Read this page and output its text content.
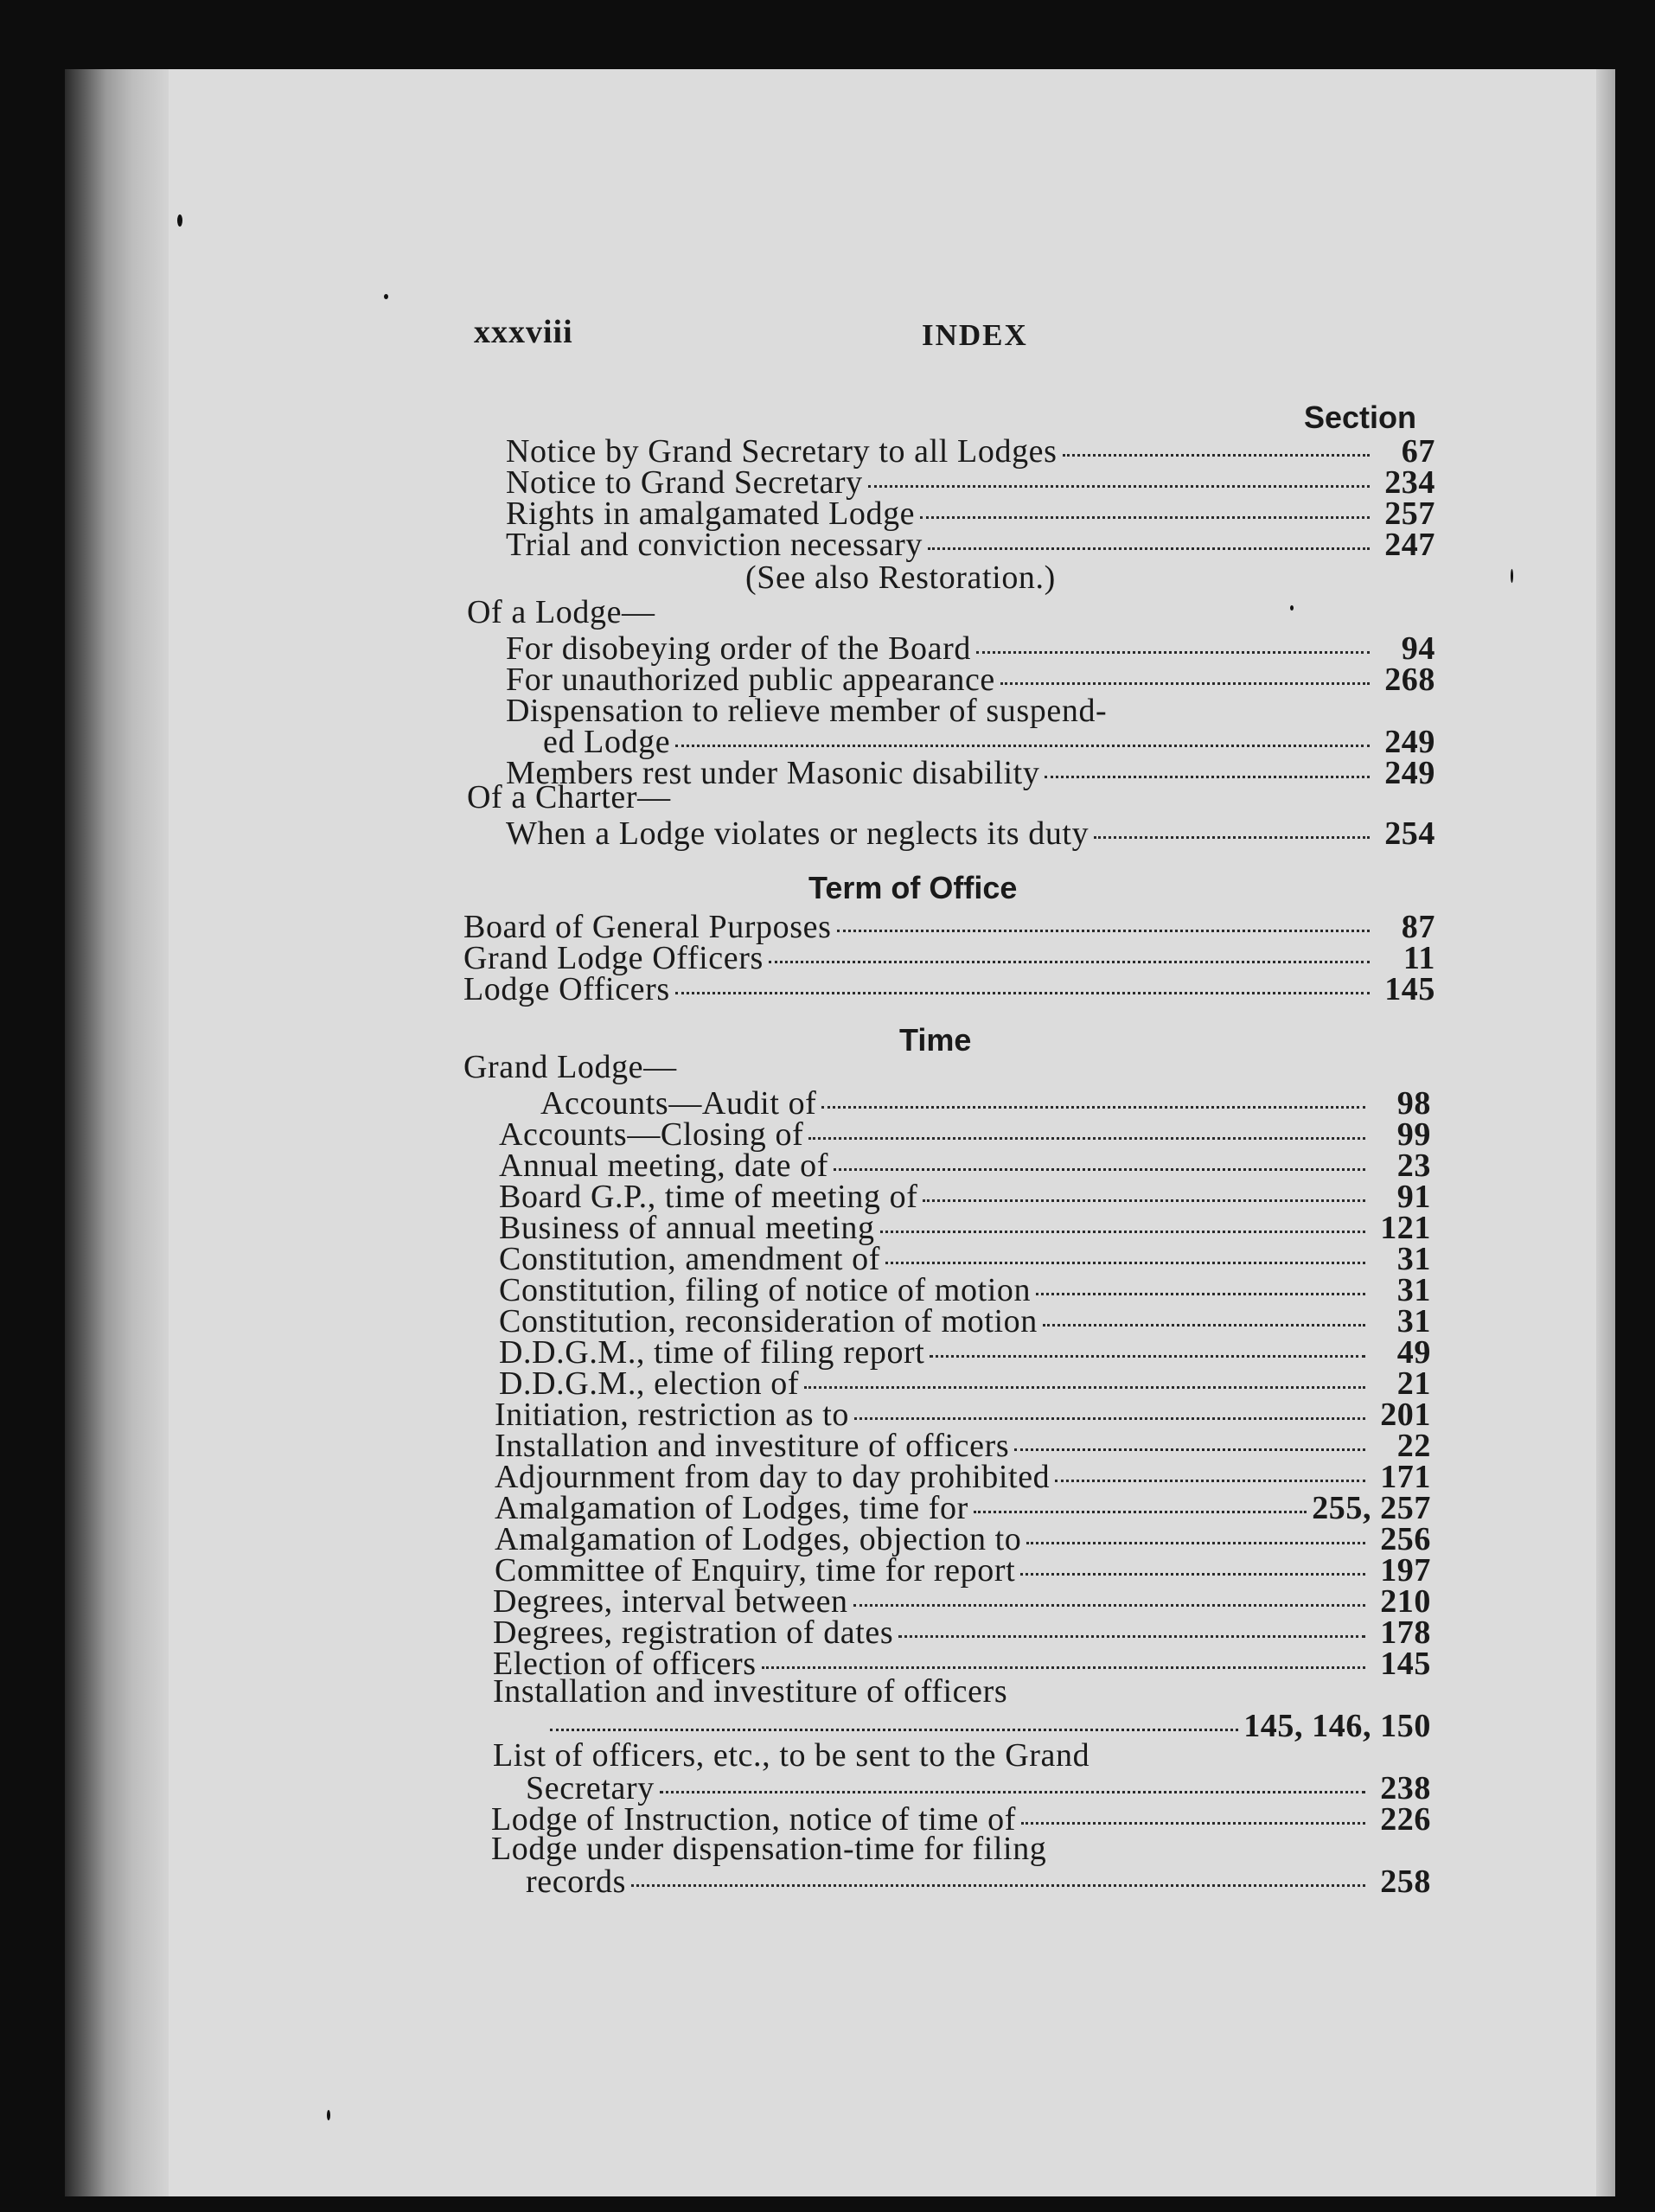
xxxviii	INDEX
Section
Notice by Grand Secretary to all Lodges	67
Notice to Grand Secretary	234
Rights in amalgamated Lodge	257
Trial and conviction necessary	247
(See also Restoration.)
Of a Lodge—
For disobeying order of the Board	94
For unauthorized public appearance	268
Dispensation to relieve member of suspend-
ed Lodge	249
Members rest under Masonic disability	249
Of a Charter—
When a Lodge violates or neglects its duty	254
Term of Office
Board of General Purposes	87
Grand Lodge Officers	11
Lodge Officers	145
Time
Grand Lodge—
Accounts—Audit of	98
Accounts—Closing of	99
Annual meeting, date of	23
Board G.P., time of meeting of	91
Business of annual meeting	121
Constitution, amendment of	31
Constitution, filing of notice of motion	31
Constitution, reconsideration of motion	31
D.D.G.M., time of filing report	49
D.D.G.M., election of	21
Initiation, restriction as to	201
Installation and investiture of officers	22
Adjournment from day to day prohibited	171
Amalgamation of Lodges, time for	255, 257
Amalgamation of Lodges, objection to	256
Committee of Enquiry, time for report	197
Degrees, interval between	210
Degrees, registration of dates	178
Election of officers	145
Installation and investiture of officers
145, 146, 150
List of officers, etc., to be sent to the Grand
Secretary	238
Lodge of Instruction, notice of time of	226
Lodge under dispensation-time for filing
records	258
